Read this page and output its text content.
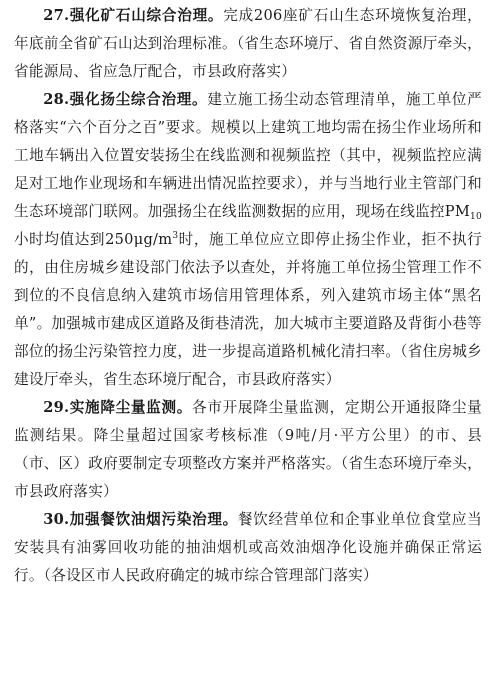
27.强化矿石山综合治理。完成206座矿石山生态环境恢复治理，年底前全省矿石山达到治理标准。（省生态环境厅、省自然资源厅牵头，省能源局、省应急厅配合，市县政府落实）

28.强化扬尘综合治理。建立施工扬尘动态管理清单，施工单位严格落实“六个百分之百”要求。规模以上建筑工地均需在扬尘作业场所和工地车辆出入位置安装扬尘在线监测和视频监控（其中，视频监控应满足对工地作业现场和车辆进出情况监控要求），并与当地行业主管部门和生态环境部门联网。加强扬尘在线监测数据的应用，现场在线监控$PM_{10}$小时均值达到$250\mu g/m^3$时，施工单位应立即停止扬尘作业，拒不执行的，由住房城乡建设部门依法予以查处，并将施工单位扬尘管理工作不到位的不良信息纳入建筑市场信用管理体系，列入建筑市场主体“黑名单”。加强城市建成区道路及街巷清洗，加大城市主要道路及背街小巷等部位的扬尘污染管控力度，进一步提高道路机械化清扫率。（省住房城乡建设厅牵头，省生态环境厅配合，市县政府落实）

29.实施降尘量监测。各市开展降尘量监测，定期公开通报降尘量监测结果。降尘量超过国家考核标准（9吨/月·平方公里）的市、县（市、区）政府要制定专项整改方案并严格落实。（省生态环境厅牵头，市县政府落实）

30.加强餐饮油烟污染治理。餐饮经营单位和企事业单位食堂应当安装具有油雾回收功能的抽油烟机或高效油烟净化设施并确保正常运行。（各设区市人民政府确定的城市综合管理部门落实）
